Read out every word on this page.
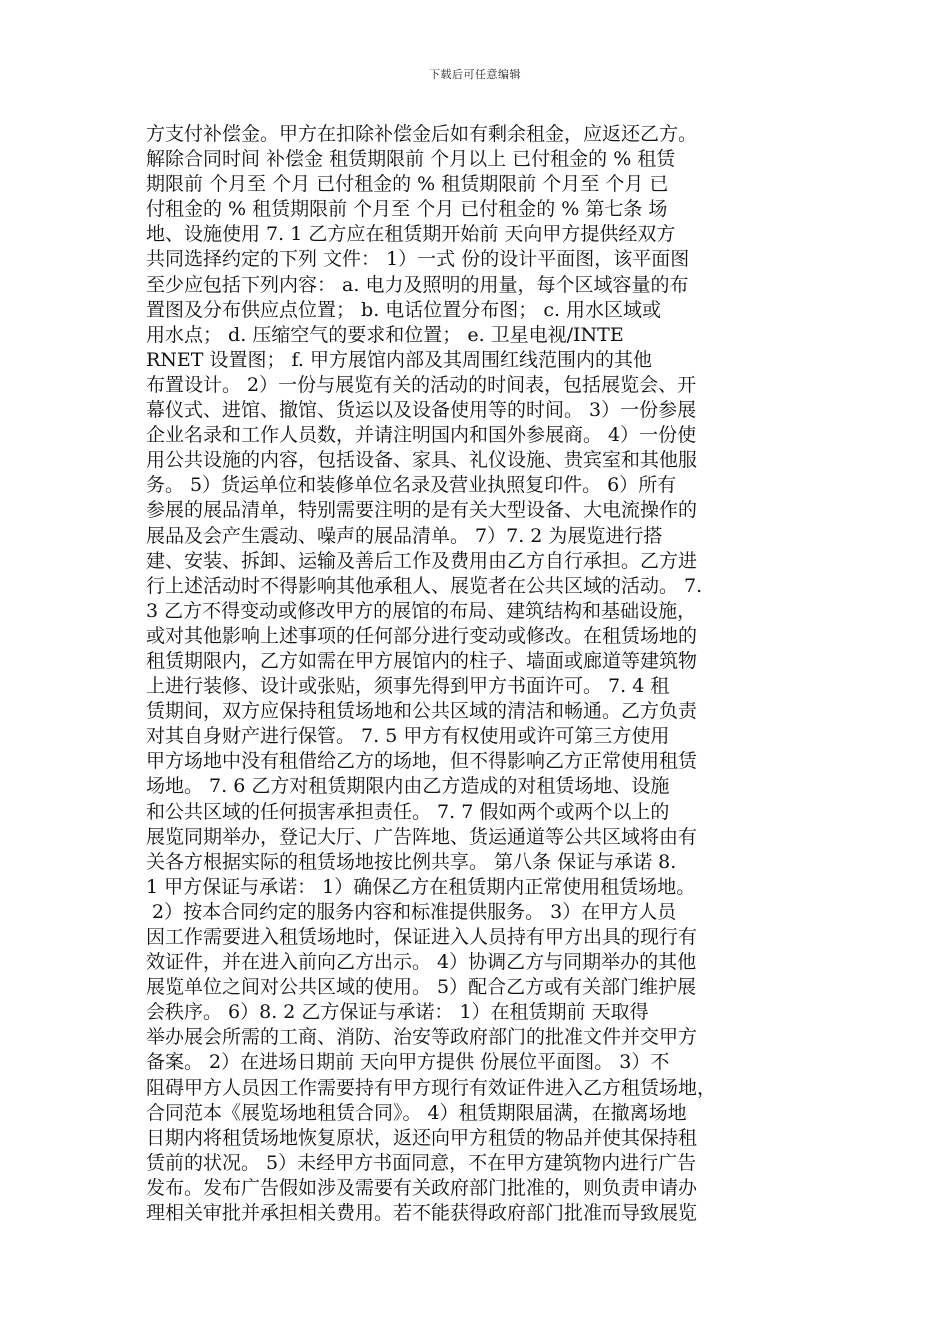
下载后可任意编辑
方支付补偿金。甲方在扣除补偿金后如有剩余租金，应返还乙方。
解除合同时间 补偿金 租赁期限前 个月以上 已付租金的 % 租赁
期限前 个月至 个月 已付租金的 % 租赁期限前 个月至 个月 已
付租金的 % 租赁期限前 个月至 个月 已付租金的 % 第七条 场
地、设施使用 7. 1 乙方应在租赁期开始前 天向甲方提供经双方
共同选择约定的下列 文件： 1）一式 份的设计平面图，该平面图
至少应包括下列内容： a. 电力及照明的用量，每个区域容量的布
置图及分布供应点位置； b. 电话位置分布图； c. 用水区域或
用水点； d. 压缩空气的要求和位置； e. 卫星电视/INTE
RNET 设置图； f. 甲方展馆内部及其周围红线范围内的其他
布置设计。 2）一份与展览有关的活动的时间表，包括展览会、开
幕仪式、进馆、撤馆、货运以及设备使用等的时间。 3）一份参展
企业名录和工作人员数，并请注明国内和国外参展商。 4）一份使
用公共设施的内容，包括设备、家具、礼仪设施、贵宾室和其他服
务。 5）货运单位和装修单位名录及营业执照复印件。 6）所有
参展的展品清单，特别需要注明的是有关大型设备、大电流操作的
展品及会产生震动、噪声的展品清单。 7）7. 2 为展览进行搭
建、安装、拆卸、运输及善后工作及费用由乙方自行承担。乙方进
行上述活动时不得影响其他承租人、展览者在公共区域的活动。 7.
3 乙方不得变动或修改甲方的展馆的布局、建筑结构和基础设施，
或对其他影响上述事项的任何部分进行变动或修改。在租赁场地的
租赁期限内，乙方如需在甲方展馆内的柱子、墙面或廊道等建筑物
上进行装修、设计或张贴，须事先得到甲方书面许可。 7. 4 租
赁期间，双方应保持租赁场地和公共区域的清洁和畅通。乙方负责
对其自身财产进行保管。 7. 5 甲方有权使用或许可第三方使用
甲方场地中没有租借给乙方的场地，但不得影响乙方正常使用租赁
场地。 7. 6 乙方对租赁期限内由乙方造成的对租赁场地、设施
和公共区域的任何损害承担责任。 7. 7 假如两个或两个以上的
展览同期举办，登记大厅、广告阵地、货运通道等公共区域将由有
关各方根据实际的租赁场地按比例共享。 第八条 保证与承诺 8.
1 甲方保证与承诺： 1）确保乙方在租赁期内正常使用租赁场地。
2）按本合同约定的服务内容和标准提供服务。 3）在甲方人员
因工作需要进入租赁场地时，保证进入人员持有甲方出具的现行有
效证件，并在进入前向乙方出示。 4）协调乙方与同期举办的其他
展览单位之间对公共区域的使用。 5）配合乙方或有关部门维护展
会秩序。 6）8. 2 乙方保证与承诺： 1）在租赁期前 天取得
举办展会所需的工商、消防、治安等政府部门的批准文件并交甲方
备案。 2）在进场日期前 天向甲方提供 份展位平面图。 3）不
阻碍甲方人员因工作需要持有甲方现行有效证件进入乙方租赁场地，
合同范本《展览场地租赁合同》。 4）租赁期限届满，在撤离场地
日期内将租赁场地恢复原状，返还向甲方租赁的物品并使其保持租
赁前的状况。 5）未经甲方书面同意，不在甲方建筑物内进行广告
发布。发布广告假如涉及需要有关政府部门批准的，则负责申请办
理相关审批并承担相关费用。若不能获得政府部门批准而导致展览
